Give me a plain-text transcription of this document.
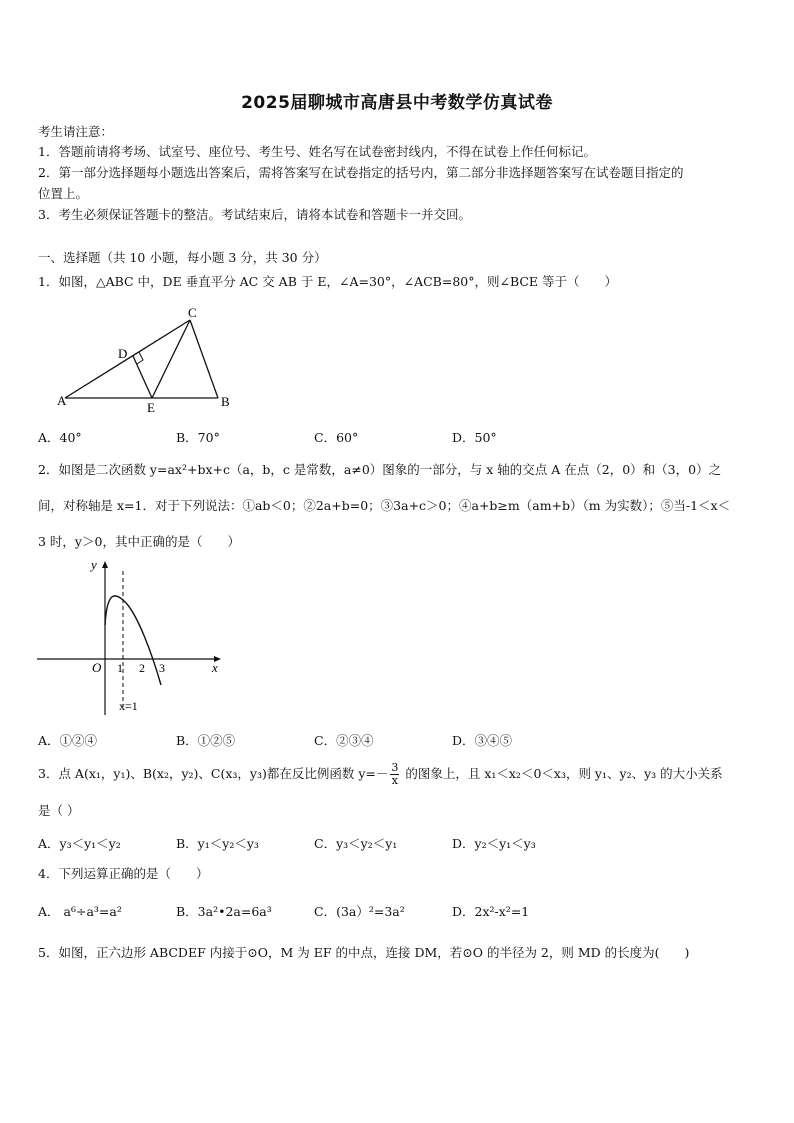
2025届聊城市高唐县中考数学仿真试卷
考生请注意：
1．答题前请将考场、试室号、座位号、考生号、姓名写在试卷密封线内，不得在试卷上作任何标记。
2．第一部分选择题每小题选出答案后，需将答案写在试卷指定的括号内，第二部分非选择题答案写在试卷题目指定的
位置上。
3．考生必须保证答题卡的整洁。考试结束后，请将本试卷和答题卡一并交回。
一、选择题（共 10 小题，每小题 3 分，共 30 分）
1．如图，△ABC 中，DE 垂直平分 AC 交 AB 于 E，∠A=30°，∠ACB=80°，则∠BCE 等于（　　）
A	B
C
D
E
A．40°	B．70°	C．60°	D．50°
2．如图是二次函数 y=ax²+bx+c（a，b，c 是常数，a≠0）图象的一部分，与 x 轴的交点 A 在点（2，0）和（3，0）之
间，对称轴是 x=1．对于下列说法：①ab＜0；②2a+b=0；③3a+c＞0；④a+b≥m（am+b）（m 为实数）；⑤当-1＜x＜
3 时，y＞0，其中正确的是（　　）
y
x
O 1 2 3
x=1
A．①②④	B．①②⑤	C．②③④	D．③④⑤
3．点 A(x₁，y₁)、B(x₂，y₂)、C(x₃，y₃)都在反比例函数 $y=- \frac{3}{x}$ 的图象上，且 x₁＜x₂＜0＜x₃，则 y₁、y₂、y₃ 的大小关系
是（ ）
A．y₃＜y₁＜y₂	B．y₁＜y₂＜y₃	C．y₃＜y₂＜y₁	D．y₂＜y₁＜y₃
4．下列运算正确的是（　　）
A． a⁶÷a³=a²	B．3a²•2a=6a³	C．(3a）²=3a²	D．2x²-x²=1
5．如图，正六边形 ABCDEF 内接于⊙O，M 为 EF 的中点，连接 DM，若⊙O 的半径为 2，则 MD 的长度为(　　)
